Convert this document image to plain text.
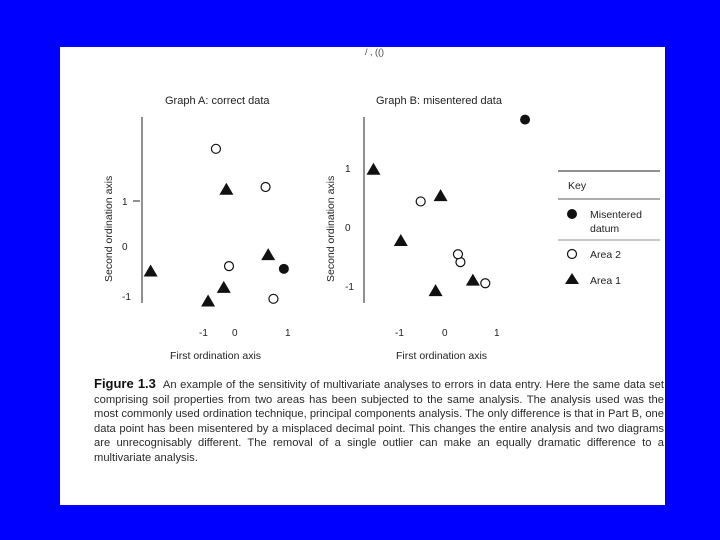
/ , (()
Graph A: correct data
1
0
-1
-1 0	1
First ordination axis
Second ordination axis
Graph B: misentered data
1
0
-1
-1	0	1
First ordination axis
Second ordination axis	Key
Misentered
datum
Area 2
Area 1
Figure 1.3 An example of the sensitivity of multivariate analyses to errors in data entry. Here the same data set comprising soil properties from two areas has been subjected to the same analysis. The analysis used was the most commonly used ordination technique, principal components analysis. The only difference is that in Part B, one data point has been misentered by a misplaced decimal point. This changes the entire analysis and two diagrams are unrecognisably different. The removal of a single outlier can make an equally dramatic difference to a multivariate analysis.
